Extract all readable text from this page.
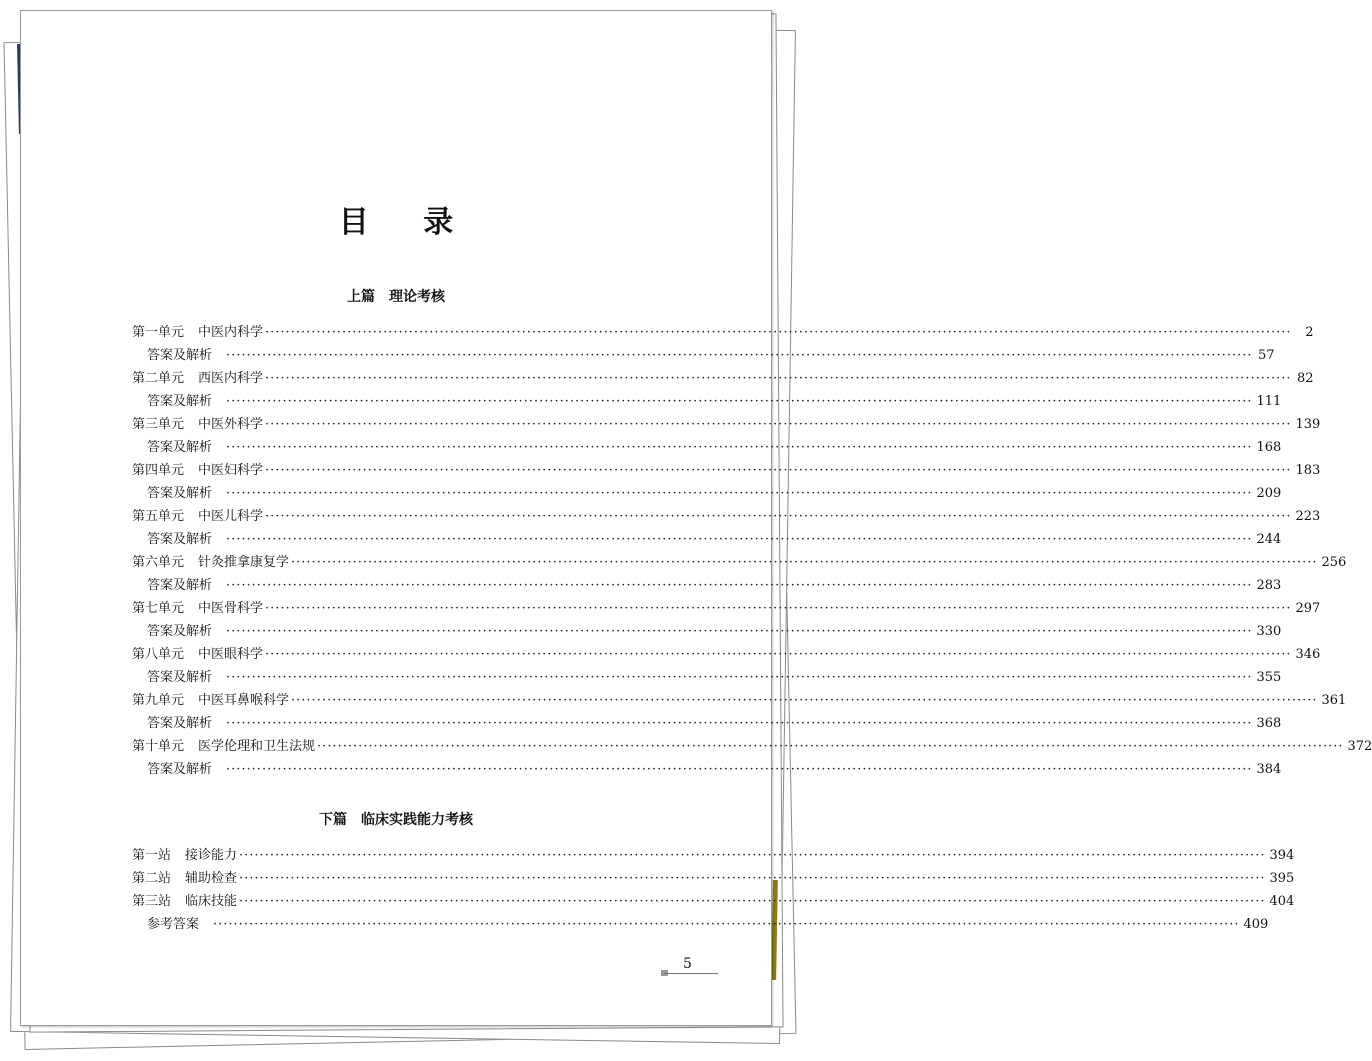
目 录
上篇 理论考核
第一单元 中医内科学 ········································································································································································································	2
答案及解析 ········································································································································································································ 57
第二单元 西医内科学 ········································································································································································································ 82
答案及解析 ········································································································································································································ 111
第三单元 中医外科学 ········································································································································································································ 139
答案及解析 ········································································································································································································ 168
第四单元 中医妇科学 ········································································································································································································ 183
答案及解析 ········································································································································································································ 209
第五单元 中医儿科学 ········································································································································································································ 223
答案及解析 ········································································································································································································ 244
第六单元 针灸推拿康复学 ········································································································································································································ 256
答案及解析 ········································································································································································································ 283
第七单元 中医骨科学 ········································································································································································································ 297
答案及解析 ········································································································································································································ 330
第八单元 中医眼科学 ········································································································································································································ 346
答案及解析 ········································································································································································································ 355
第九单元 中医耳鼻喉科学 ········································································································································································································ 361
答案及解析 ········································································································································································································ 368
第十单元 医学伦理和卫生法规 ········································································································································································································ 372
答案及解析 ········································································································································································································ 384
下篇 临床实践能力考核
第一站 接诊能力 ········································································································································································································ 394
第二站 辅助检查 ········································································································································································································ 395
第三站 临床技能 ········································································································································································································ 404
参考答案 ········································································································································································································ 409
5
